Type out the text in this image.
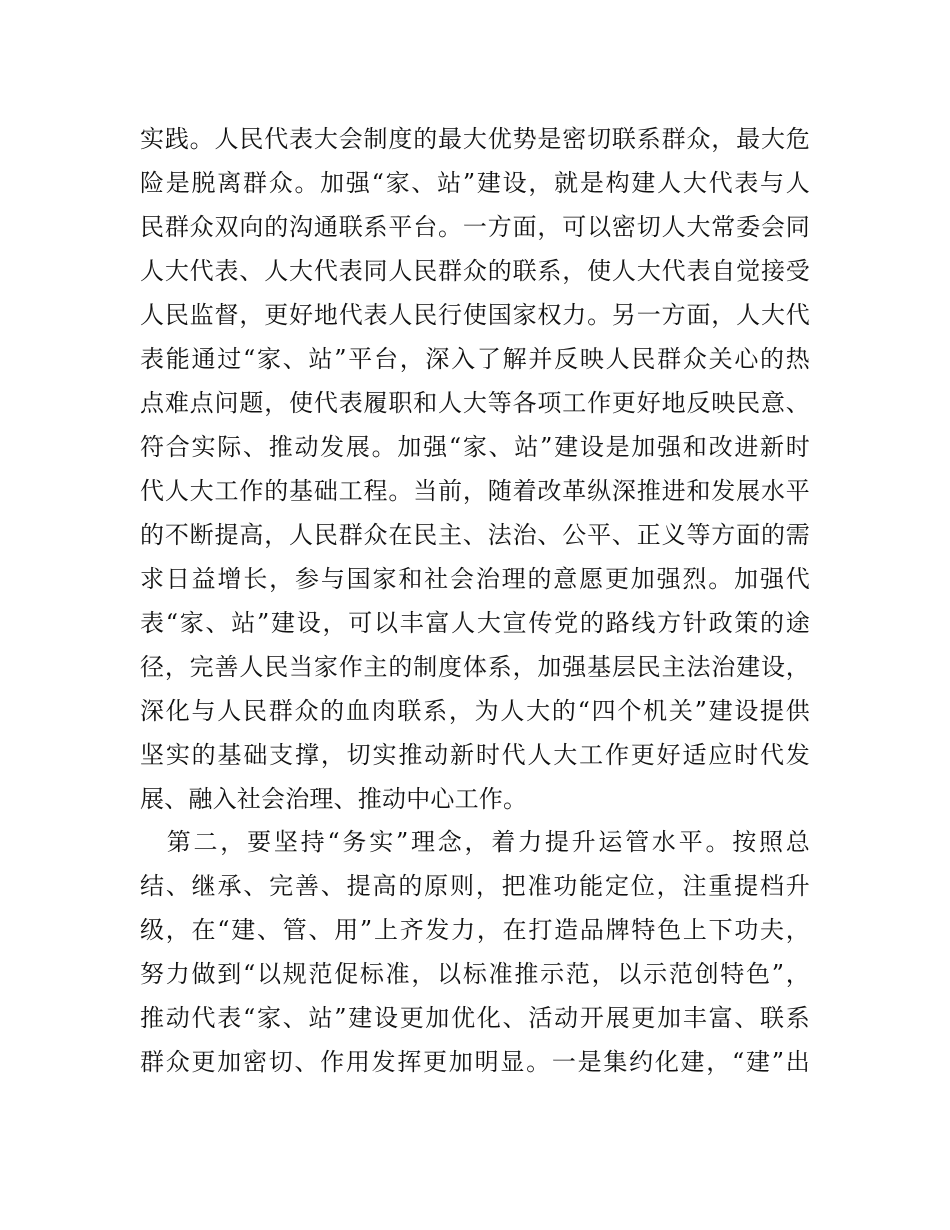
实践。人民代表大会制度的最大优势是密切联系群众，最大危
险是脱离群众。加强“家、站”建设，就是构建人大代表与人
民群众双向的沟通联系平台。一方面，可以密切人大常委会同
人大代表、人大代表同人民群众的联系，使人大代表自觉接受
人民监督，更好地代表人民行使国家权力。另一方面，人大代
表能通过“家、站”平台，深入了解并反映人民群众关心的热
点难点问题，使代表履职和人大等各项工作更好地反映民意、
符合实际、推动发展。加强“家、站”建设是加强和改进新时
代人大工作的基础工程。当前，随着改革纵深推进和发展水平
的不断提高，人民群众在民主、法治、公平、正义等方面的需
求日益增长，参与国家和社会治理的意愿更加强烈。加强代
表“家、站”建设，可以丰富人大宣传党的路线方针政策的途
径，完善人民当家作主的制度体系，加强基层民主法治建设，
深化与人民群众的血肉联系，为人大的“四个机关”建设提供
坚实的基础支撑，切实推动新时代人大工作更好适应时代发
展、融入社会治理、推动中心工作。
　第二，要坚持“务实”理念，着力提升运管水平。按照总
结、继承、完善、提高的原则，把准功能定位，注重提档升
级，在“建、管、用”上齐发力，在打造品牌特色上下功夫，
努力做到“以规范促标准，以标准推示范，以示范创特色”，
推动代表“家、站”建设更加优化、活动开展更加丰富、联系
群众更加密切、作用发挥更加明显。一是集约化建，“建”出
